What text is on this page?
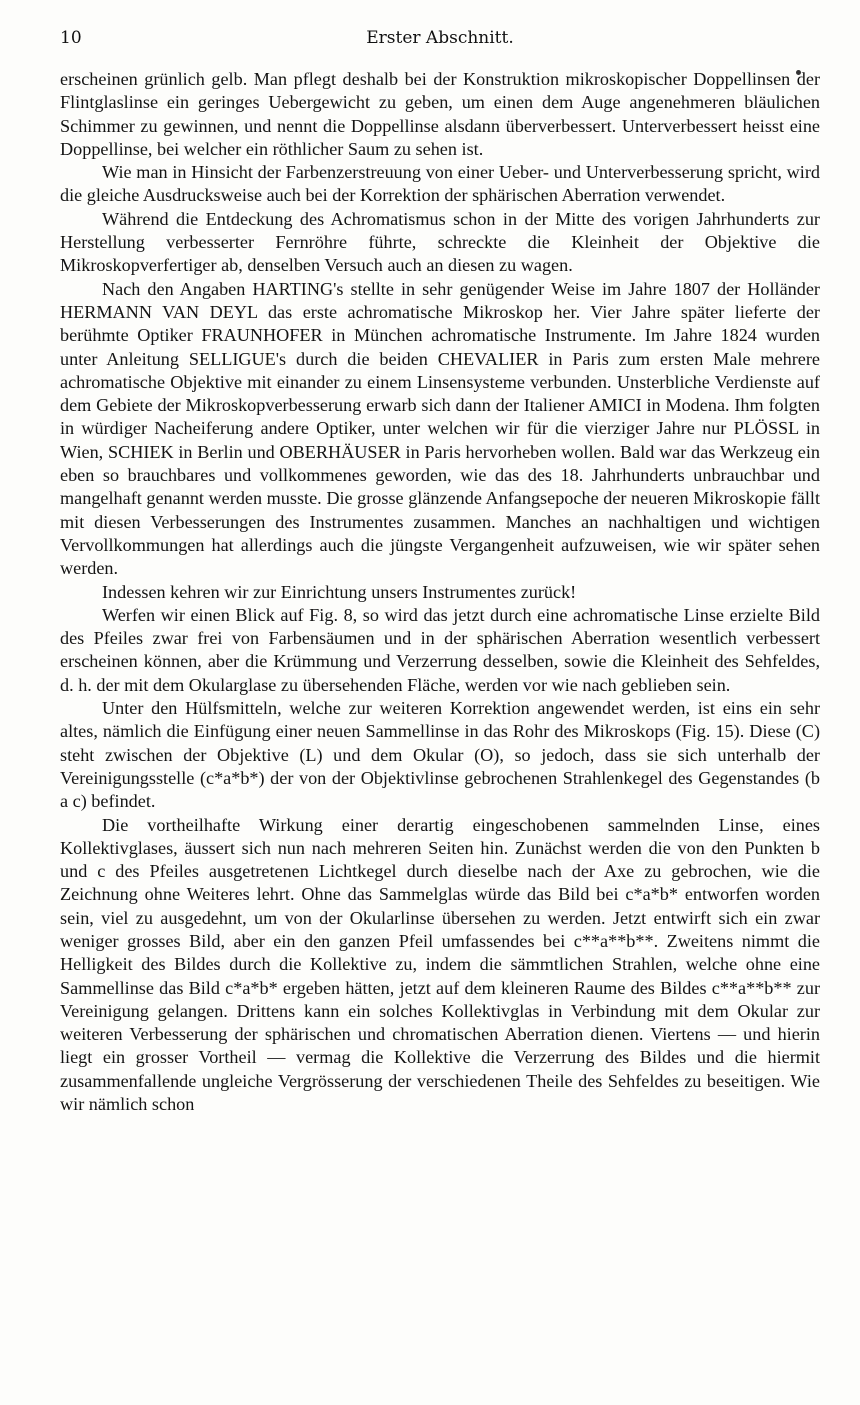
10	Erster Abschnitt.

erscheinen grünlich gelb. Man pflegt deshalb bei der Konstruktion mikroskopischer Doppellinsen der Flintglaslinse ein geringes Uebergewicht zu geben, um einen dem Auge angenehmeren bläulichen Schimmer zu gewinnen, und nennt die Doppellinse alsdann überverbessert. Unterverbessert heisst eine Doppellinse, bei welcher ein röthlicher Saum zu sehen ist.

Wie man in Hinsicht der Farbenzerstreuung von einer Ueber- und Unterverbesserung spricht, wird die gleiche Ausdrucksweise auch bei der Korrektion der sphärischen Aberration verwendet.

Während die Entdeckung des Achromatismus schon in der Mitte des vorigen Jahrhunderts zur Herstellung verbesserter Fernröhre führte, schreckte die Kleinheit der Objektive die Mikroskopverfertiger ab, denselben Versuch auch an diesen zu wagen.

Nach den Angaben HARTING's stellte in sehr genügender Weise im Jahre 1807 der Holländer HERMANN VAN DEYL das erste achromatische Mikroskop her. Vier Jahre später lieferte der berühmte Optiker FRAUNHOFER in München achromatische Instrumente. Im Jahre 1824 wurden unter Anleitung SELLIGUE's durch die beiden CHEVALIER in Paris zum ersten Male mehrere achromatische Objektive mit einander zu einem Linsensysteme verbunden. Unsterbliche Verdienste auf dem Gebiete der Mikroskopverbesserung erwarb sich dann der Italiener AMICI in Modena. Ihm folgten in würdiger Nacheiferung andere Optiker, unter welchen wir für die vierziger Jahre nur PLÖSSL in Wien, SCHIEK in Berlin und OBERHÄUSER in Paris hervorheben wollen. Bald war das Werkzeug ein eben so brauchbares und vollkommenes geworden, wie das des 18. Jahrhunderts unbrauchbar und mangelhaft genannt werden musste. Die grosse glänzende Anfangsepoche der neueren Mikroskopie fällt mit diesen Verbesserungen des Instrumentes zusammen. Manches an nachhaltigen und wichtigen Vervollkommungen hat allerdings auch die jüngste Vergangenheit aufzuweisen, wie wir später sehen werden.

Indessen kehren wir zur Einrichtung unsers Instrumentes zurück!

Werfen wir einen Blick auf Fig. 8, so wird das jetzt durch eine achromatische Linse erzielte Bild des Pfeiles zwar frei von Farbensäumen und in der sphärischen Aberration wesentlich verbessert erscheinen können, aber die Krümmung und Verzerrung desselben, sowie die Kleinheit des Sehfeldes, d. h. der mit dem Okularglase zu übersehenden Fläche, werden vor wie nach geblieben sein.

Unter den Hülfsmitteln, welche zur weiteren Korrektion angewendet werden, ist eins ein sehr altes, nämlich die Einfügung einer neuen Sammellinse in das Rohr des Mikroskops (Fig. 15). Diese (C) steht zwischen der Objektive (L) und dem Okular (O), so jedoch, dass sie sich unterhalb der Vereinigungsstelle (c*a*b*) der von der Objektivlinse gebrochenen Strahlenkegel des Gegenstandes (b a c) befindet.

Die vortheilhafte Wirkung einer derartig eingeschobenen sammelnden Linse, eines Kollektivglases, äussert sich nun nach mehreren Seiten hin. Zunächst werden die von den Punkten b und c des Pfeiles ausgetretenen Lichtkegel durch dieselbe nach der Axe zu gebrochen, wie die Zeichnung ohne Weiteres lehrt. Ohne das Sammelglas würde das Bild bei c*a*b* entworfen worden sein, viel zu ausgedehnt, um von der Okularlinse übersehen zu werden. Jetzt entwirft sich ein zwar weniger grosses Bild, aber ein den ganzen Pfeil umfassendes bei c**a**b**. Zweitens nimmt die Helligkeit des Bildes durch die Kollektive zu, indem die sämmtlichen Strahlen, welche ohne eine Sammellinse das Bild c*a*b* ergeben hätten, jetzt auf dem kleineren Raume des Bildes c**a**b** zur Vereinigung gelangen. Drittens kann ein solches Kollektivglas in Verbindung mit dem Okular zur weiteren Verbesserung der sphärischen und chromatischen Aberration dienen. Viertens — und hierin liegt ein grosser Vortheil — vermag die Kollektive die Verzerrung des Bildes und die hiermit zusammenfallende ungleiche Vergrösserung der verschiedenen Theile des Sehfeldes zu beseitigen. Wie wir nämlich schon
